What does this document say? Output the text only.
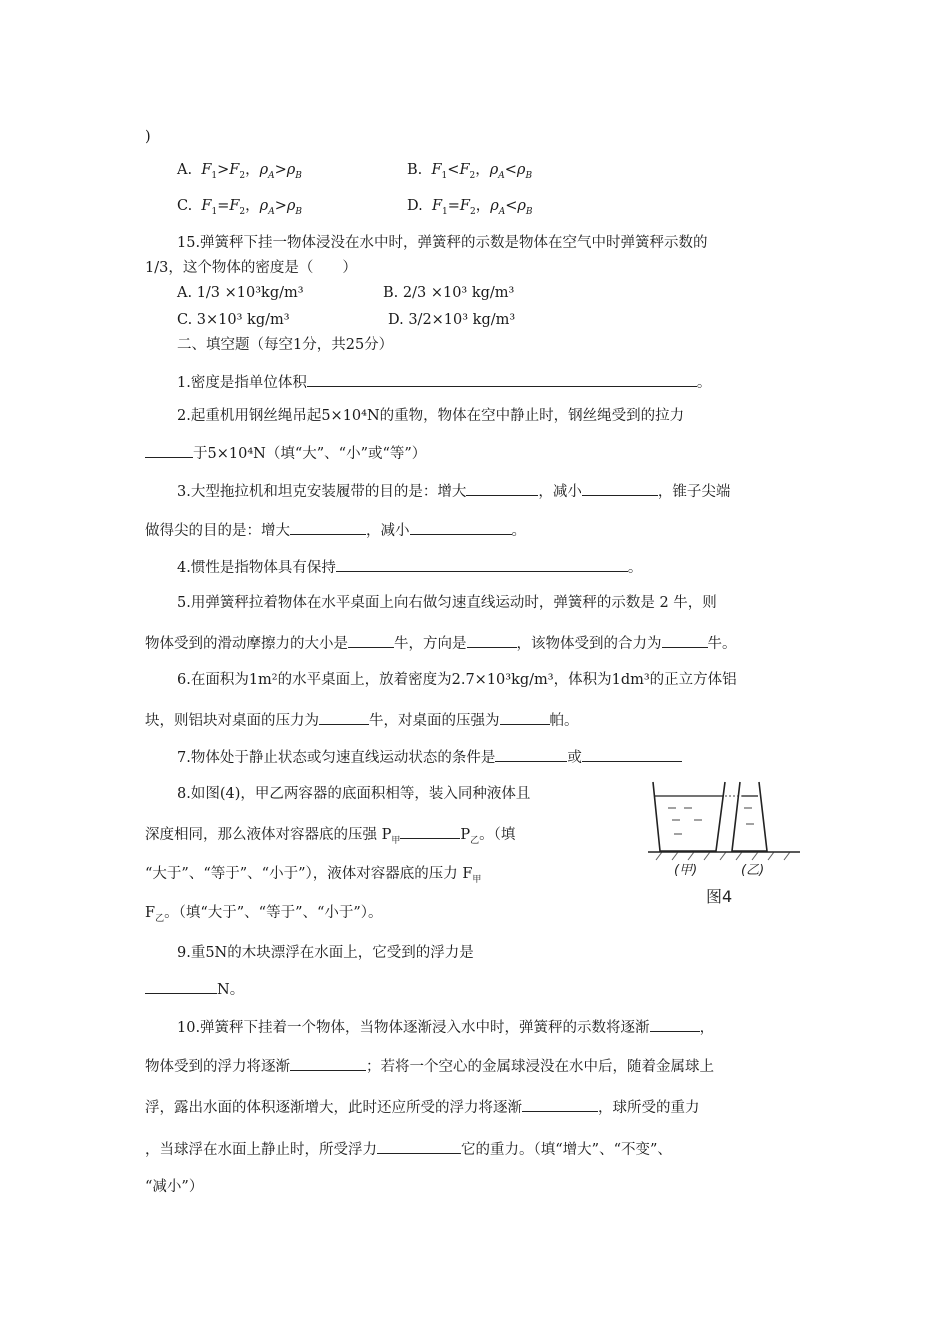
)
A. $F_1>F_2$，$\rho_A>\rho_B$	B. $F_1<F_2$，$\rho_A<\rho_B$
C. $F_1=F_2$，$\rho_A>\rho_B$	D. $F_1=F_2$，$\rho_A<\rho_B$
15.弹簧秤下挂一物体浸没在水中时，弹簧秤的示数是物体在空气中时弹簧秤示数的
1/3，这个物体的密度是（　　）
A. 1/3 ×10³kg/m³	B. 2/3 ×10³ kg/m³
C. 3×10³ kg/m³	D. 3/2×10³ kg/m³
二、填空题（每空1分，共25分）
1.密度是指单位体积	。
2.起重机用钢丝绳吊起5×10⁴N的重物，物体在空中静止时，钢丝绳受到的拉力
于5×10⁴N（填“大”、“小”或“等”）
3.大型拖拉机和坦克安装履带的目的是：增大	，减小	，锥子尖端
做得尖的目的是：增大	，减小	。
4.惯性是指物体具有保持	。
5.用弹簧秤拉着物体在水平桌面上向右做匀速直线运动时，弹簧秤的示数是 2 牛，则
物体受到的滑动摩擦力的大小是	牛，方向是	，该物体受到的合力为	牛。
6.在面积为1m²的水平桌面上，放着密度为2.7×10³kg/m³，体积为1dm³的正立方体铝
块，则铝块对桌面的压力为	牛，对桌面的压强为	帕。
7.物体处于静止状态或匀速直线运动状态的条件是	或
8.如图(4)，甲乙两容器的底面积相等，装入同种液体且
深度相同，那么液体对容器底的压强 $P_甲$	$P_乙$。（填
“大于”、“等于”、“小于”），液体对容器底的压力 $F_甲$
$F_乙$。（填“大于”、“等于”、“小于”）。
(甲)	(乙)
图4
9.重5N的木块漂浮在水面上，它受到的浮力是
N。
10.弹簧秤下挂着一个物体，当物体逐渐浸入水中时，弹簧秤的示数将逐渐	，
物体受到的浮力将逐渐	；若将一个空心的金属球浸没在水中后，随着金属球上
浮，露出水面的体积逐渐增大，此时还应所受的浮力将逐渐	，球所受的重力
，当球浮在水面上静止时，所受浮力	它的重力。（填“增大”、“不变”、
“减小”）
